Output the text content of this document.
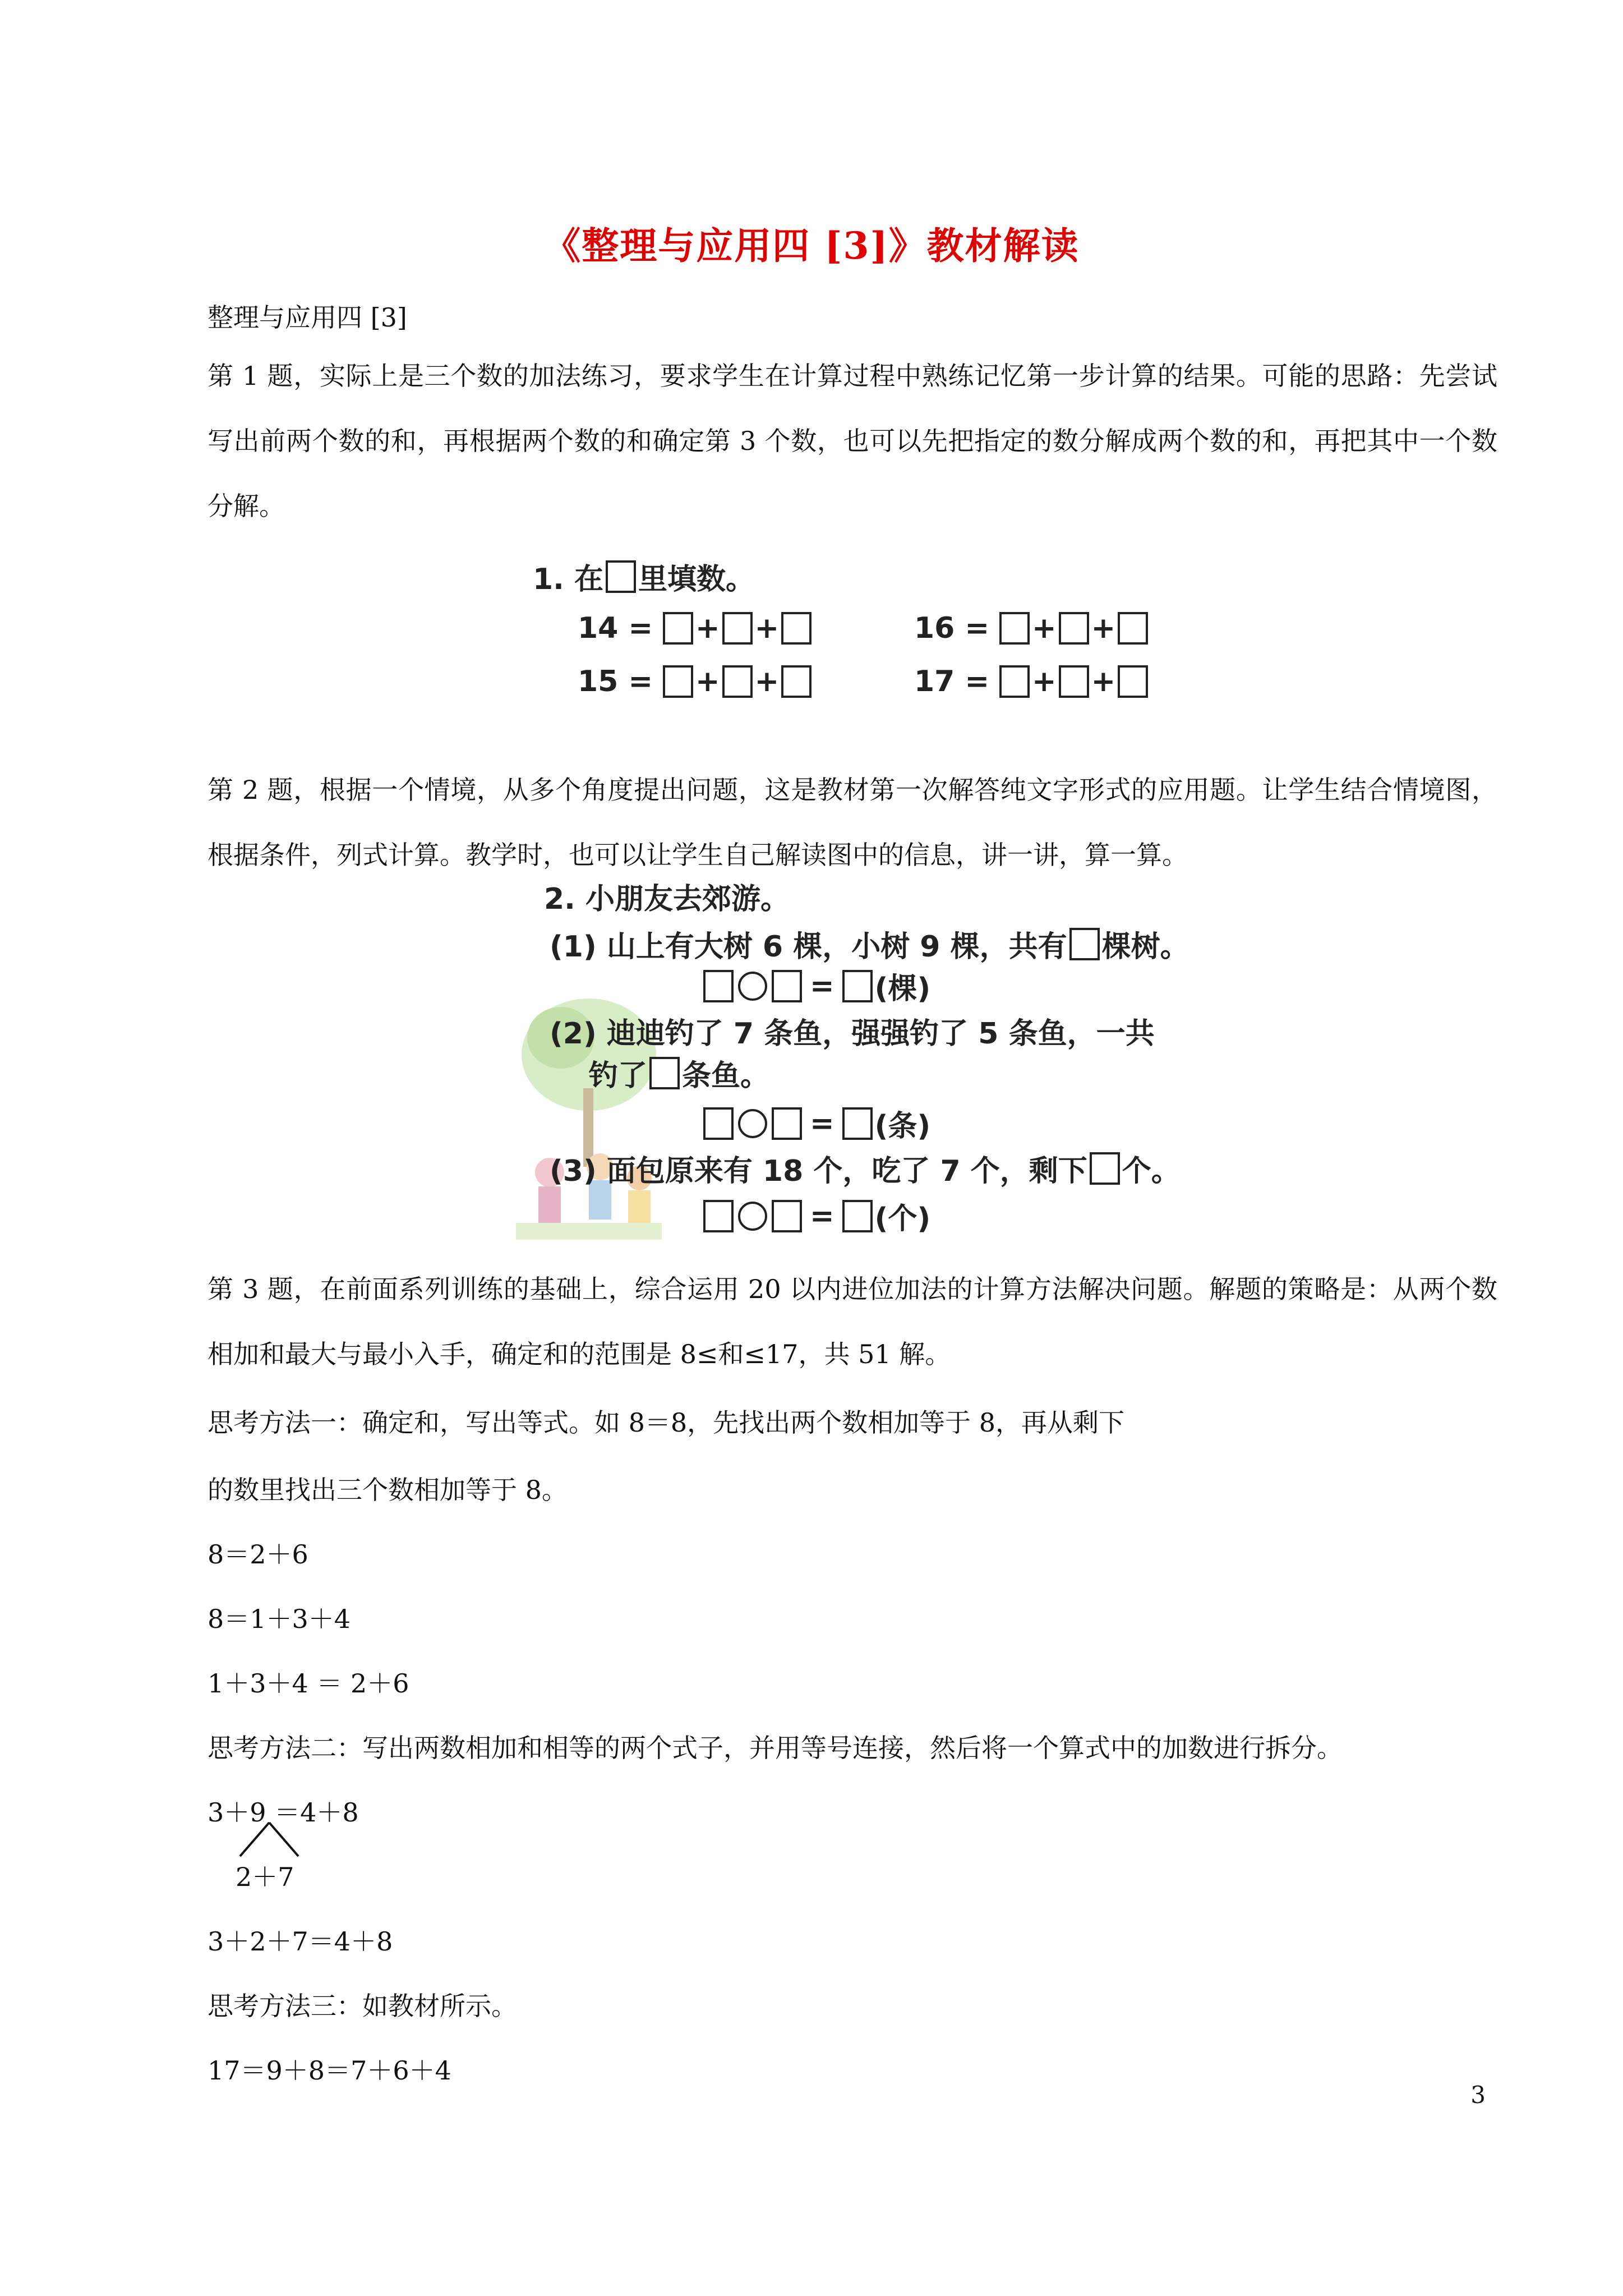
《整理与应用四 [3]》教材解读
整理与应用四 [3]
第 1 题，实际上是三个数的加法练习，要求学生在计算过程中熟练记忆第一步计算的结果。可能的思路：先尝试写出前两个数的和，再根据两个数的和确定第 3 个数，也可以先把指定的数分解成两个数的和，再把其中一个数分解。
1. 在 里填数。
14 = + +	16 = + +
15 = + +	17 = + +
第 2 题，根据一个情境，从多个角度提出问题，这是教材第一次解答纯文字形式的应用题。让学生结合情境图，根据条件，列式计算。教学时，也可以让学生自己解读图中的信息，讲一讲，算一算。
2. 小朋友去郊游。
(1) 山上有大树 6 棵，小树 9 棵，共有 棵树。
= (棵)
(2) 迪迪钓了 7 条鱼，强强钓了 5 条鱼，一共
钓了 条鱼。
= (条)
(3) 面包原来有 18 个，吃了 7 个，剩下 个。
= (个)
第 3 题，在前面系列训练的基础上，综合运用 20 以内进位加法的计算方法解决问题。解题的策略是：从两个数相加和最大与最小入手，确定和的范围是 8≤和≤17，共 51 解。
思考方法一：确定和，写出等式。如 8＝8，先找出两个数相加等于 8，再从剩下
的数里找出三个数相加等于 8。
8＝2＋6
8＝1＋3＋4
1＋3＋4 ＝ 2＋6
思考方法二：写出两数相加和相等的两个式子，并用等号连接，然后将一个算式中的加数进行拆分。
3＋9 ＝4＋8
2＋7
3＋2＋7＝4＋8
思考方法三：如教材所示。
17＝9＋8＝7＋6＋4
3
